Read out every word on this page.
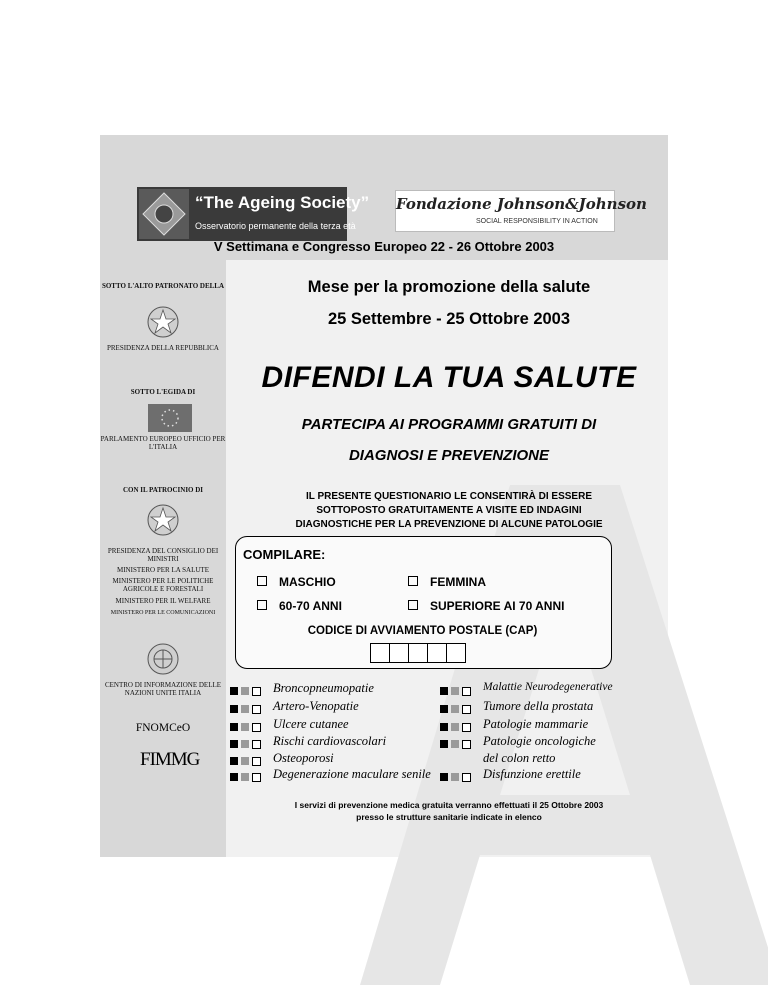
“The Ageing Society”
Osservatorio permanente della terza età
Fondazione Johnson&Johnson
SOCIAL RESPONSIBILITY IN ACTION
V Settimana e Congresso Europeo 22 - 26 Ottobre 2003
SOTTO L'ALTO PATRONATO DELLA
PRESIDENZA DELLA REPUBBLICA
SOTTO L'EGIDA DI
PARLAMENTO EUROPEO UFFICIO PER L'ITALIA
CON IL PATROCINIO DI
PRESIDENZA DEL CONSIGLIO DEI MINISTRI
MINISTERO PER LA SALUTE
MINISTERO PER LE POLITICHE AGRICOLE E FORESTALI
MINISTERO PER IL WELFARE
MINISTERO PER LE COMUNICAZIONI
CENTRO DI INFORMAZIONE DELLE NAZIONI UNITE ITALIA
FNOMCeO
FIMMG
Mese per la promozione della salute
25 Settembre - 25 Ottobre 2003
DIFENDI LA TUA SALUTE
PARTECIPA AI PROGRAMMI GRATUITI DI
DIAGNOSI E PREVENZIONE
IL PRESENTE QUESTIONARIO LE CONSENTIRÀ DI ESSERE
SOTTOPOSTO GRATUITAMENTE A VISITE ED INDAGINI
DIAGNOSTICHE PER LA PREVENZIONE DI ALCUNE PATOLOGIE
COMPILARE:
MASCHIO	FEMMINA
60-70 ANNI	SUPERIORE AI 70 ANNI
CODICE DI AVVIAMENTO POSTALE (CAP)
Broncopneumopatie
Artero-Venopatie
Ulcere cutanee
Rischi cardiovascolari
Osteoporosi
Degenerazione maculare senile
Malattie Neurodegenerative
Tumore della prostata
Patologie mammarie
Patologie oncologiche
del colon retto
Disfunzione erettile
I servizi di prevenzione medica gratuita verranno effettuati il 25 Ottobre 2003
presso le strutture sanitarie indicate in elenco
